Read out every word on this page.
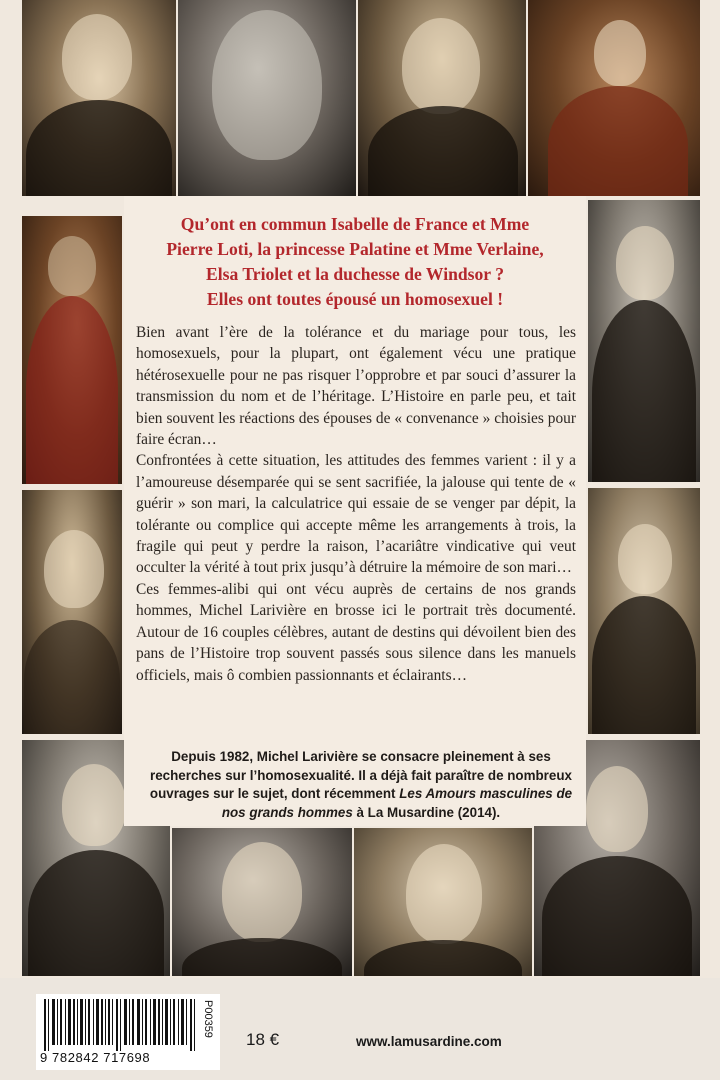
Qu’ont en commun Isabelle de France et Mme
Pierre Loti, la princesse Palatine et Mme Verlaine,
Elsa Triolet et la duchesse de Windsor ?
Elles ont toutes épousé un homosexuel !

Bien avant l’ère de la tolérance et du mariage pour tous, les homosexuels, pour la plupart, ont également vécu une pratique hétérosexuelle pour ne pas risquer l’opprobre et par souci d’assurer la transmission du nom et de l’héritage. L’Histoire en parle peu, et tait bien souvent les réactions des épouses de « convenance » choisies pour faire écran…

Confrontées à cette situation, les attitudes des femmes varient : il y a l’amoureuse désemparée qui se sent sacrifiée, la jalouse qui tente de « guérir » son mari, la calculatrice qui essaie de se venger par dépit, la tolérante ou complice qui accepte même les arrangements à trois, la fragile qui peut y perdre la raison, l’acariâtre vindicative qui veut occulter la vérité à tout prix jusqu’à détruire la mémoire de son mari…

Ces femmes-alibi qui ont vécu auprès de certains de nos grands hommes, Michel Larivière en brosse ici le portrait très documenté. Autour de 16 couples célèbres, autant de destins qui dévoilent bien des pans de l’Histoire trop souvent passés sous silence dans les manuels officiels, mais ô combien passionnants et éclairants…

Depuis 1982, Michel Larivière se consacre pleinement à ses recherches sur l’homosexualité. Il a déjà fait paraître de nombreux ouvrages sur le sujet, dont récemment Les Amours masculines de nos grands hommes à La Musardine (2014).
9 782842 717698
P00359
18 €	www.lamusardine.com
